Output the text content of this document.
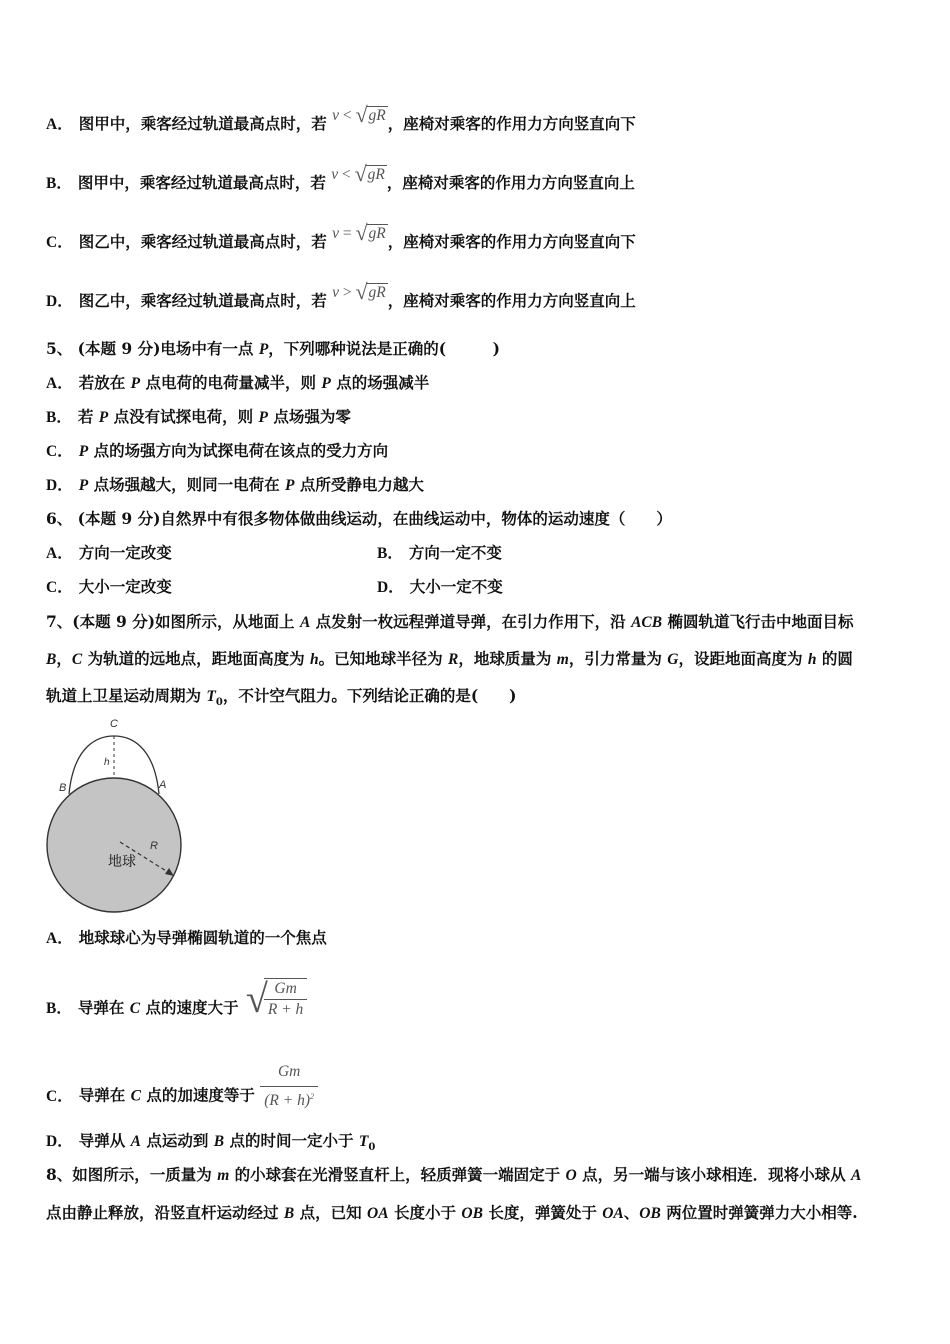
A． 图甲中，乘客经过轨道最高点时，若 v < √ gR ，座椅对乘客的作用力方向竖直向下
B． 图甲中，乘客经过轨道最高点时，若 v < √ gR ，座椅对乘客的作用力方向竖直向上
C． 图乙中，乘客经过轨道最高点时，若 v = √ gR ，座椅对乘客的作用力方向竖直向下
D． 图乙中，乘客经过轨道最高点时，若 v > √ gR ，座椅对乘客的作用力方向竖直向上
5、 (本题 9 分)电场中有一点 P，下列哪种说法是正确的(　　　)
A． 若放在 P 点电荷的电荷量减半，则 P 点的场强减半
B． 若 P 点没有试探电荷，则 P 点场强为零
C． P 点的场强方向为试探电荷在该点的受力方向
D． P 点场强越大，则同一电荷在 P 点所受静电力越大
6、 (本题 9 分)自然界中有很多物体做曲线运动，在曲线运动中，物体的运动速度（　　）
A． 方向一定改变	B． 方向一定不变
C． 大小一定改变	D． 大小一定不变
7、(本题 9 分)如图所示，从地面上 A 点发射一枚远程弹道导弹，在引力作用下，沿 ACB 椭圆轨道飞行击中地面目标
B，C 为轨道的远地点，距地面高度为 h。已知地球半径为 R，地球质量为 m，引力常量为 G，设距地面高度为 h 的圆
轨道上卫星运动周期为 $T_0$，不计空气阻力。下列结论正确的是(　　)
C
h
B	A
R
地球
A． 地球球心为导弹椭圆轨道的一个焦点
B． 导弹在 C 点的速度大于 √
$\frac{Gm}{R + h}$
C． 导弹在 C 点的加速度等于 $\frac{Gm}{(R + h)^2}$
D． 导弹从 A 点运动到 B 点的时间一定小于 $T_0$
8、如图所示，一质量为 m 的小球套在光滑竖直杆上，轻质弹簧一端固定于 O 点，另一端与该小球相连．现将小球从 A
点由静止释放，沿竖直杆运动经过 B 点，已知 OA 长度小于 OB 长度，弹簧处于 OA、OB 两位置时弹簧弹力大小相等.
